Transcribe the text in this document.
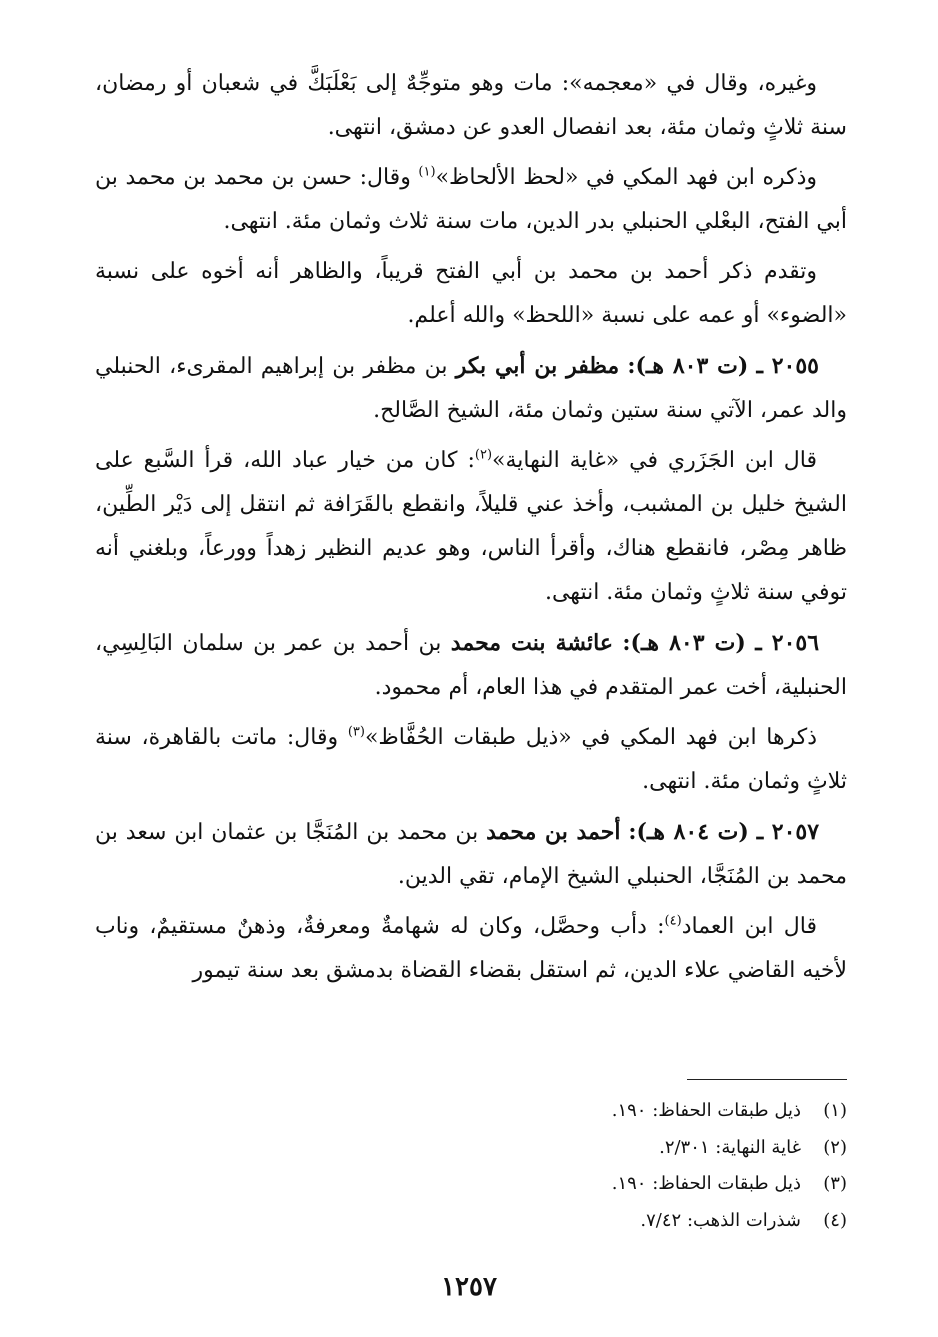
وغيره، وقال في «معجمه»: مات وهو متوجِّهٌ إلى بَعْلَبَكَّ في شعبان أو رمضان، سنة ثلاثٍ وثمان مئة، بعد انفصال العدو عن دمشق، انتهى.

وذكره ابن فهد المكي في «لحظ الألحاظ»$^{(١)}$ وقال: حسن بن محمد بن محمد بن أبي الفتح، البعْلي الحنبلي بدر الدين، مات سنة ثلاث وثمان مئة. انتهى.

وتقدم ذكر أحمد بن محمد بن أبي الفتح قريباً، والظاهر أنه أخوه على نسبة «الضوء» أو عمه على نسبة «اللحظ» والله أعلم.

٢٠٥٥ ـ (ت ٨٠٣ هـ): مظفر بن أبي بكر بن مظفر بن إبراهيم المقرىء، الحنبلي والد عمر، الآتي سنة ستين وثمان مئة، الشيخ الصَّالح.

قال ابن الجَزَري في «غاية النهاية»$^{(٢)}$: كان من خيار عباد الله، قرأ السَّبع على الشيخ خليل بن المشبب، وأخذ عني قليلاً، وانقطع بالقَرَافة ثم انتقل إلى دَيْر الطِّين، ظاهر مِصْر، فانقطع هناك، وأقرأ الناس، وهو عديم النظير زهداً وورعاً، وبلغني أنه توفي سنة ثلاثٍ وثمان مئة. انتهى.

٢٠٥٦ ـ (ت ٨٠٣ هـ): عائشة بنت محمد بن أحمد بن عمر بن سلمان البَالِسِي، الحنبلية، أخت عمر المتقدم في هذا العام، أم محمود.

ذكرها ابن فهد المكي في «ذيل طبقات الحُفَّاظ»$^{(٣)}$ وقال: ماتت بالقاهرة، سنة ثلاثٍ وثمان مئة. انتهى.

٢٠٥٧ ـ (ت ٨٠٤ هـ): أحمد بن محمد بن محمد بن المُنَجَّا بن عثمان ابن سعد بن محمد بن المُنَجَّا، الحنبلي الشيخ الإمام، تقي الدين.

قال ابن العماد$^{(٤)}$: دأب وحصَّل، وكان له شهامةٌ ومعرفةٌ، وذهنٌ مستقيمٌ، وناب لأخيه القاضي علاء الدين، ثم استقل بقضاء القضاة بدمشق بعد سنة تيمور

(١)ذيل طبقات الحفاظ: ١٩٠.
(٢)غاية النهاية: ٢/٣٠١.
(٣)ذيل طبقات الحفاظ: ١٩٠.
(٤)شذرات الذهب: ٧/٤٢.
١٢٥٧
